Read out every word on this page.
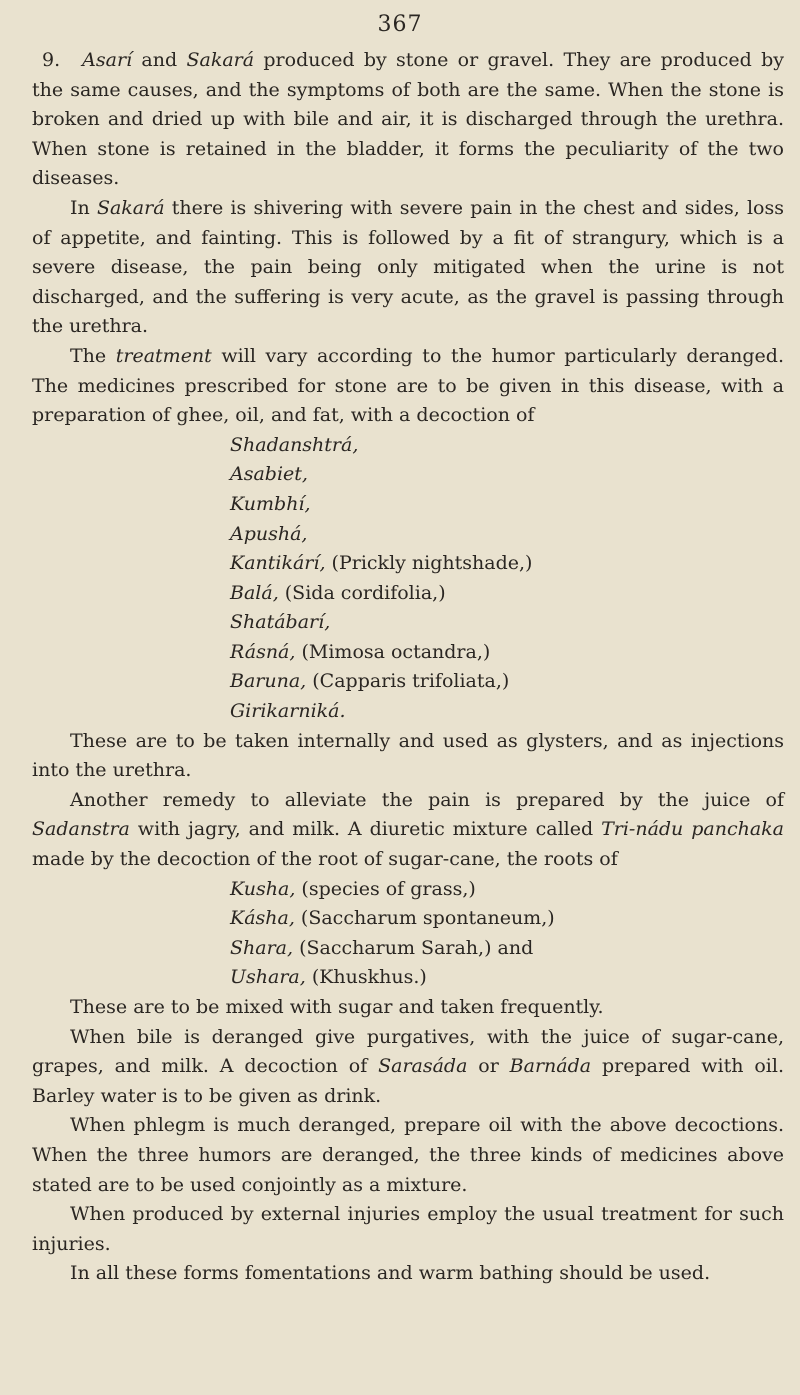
367

9. Asarí and Sakará produced by stone or gravel. They are produced by the same causes, and the symptoms of both are the same. When the stone is broken and dried up with bile and air, it is discharged through the urethra. When stone is retained in the bladder, it forms the peculiarity of the two diseases.

In Sakará there is shivering with severe pain in the chest and sides, loss of appetite, and fainting. This is followed by a fit of strangury, which is a severe disease, the pain being only mitigated when the urine is not discharged, and the suffering is very acute, as the gravel is passing through the urethra.

The treatment will vary according to the humor particularly deranged. The medicines prescribed for stone are to be given in this disease, with a preparation of ghee, oil, and fat, with a decoction of

Shadanshtrá,
Asabiet,
Kumbhí,
Apushá,
Kantikárí, (Prickly nightshade,)
Balá, (Sida cordifolia,)
Shatábarí,
Rásná, (Mimosa octandra,)
Baruna, (Capparis trifoliata,)
Girikarniká.

These are to be taken internally and used as glysters, and as injections into the urethra.

Another remedy to alleviate the pain is prepared by the juice of Sadanstra with jagry, and milk. A diuretic mixture called Tri-nádu panchaka made by the decoction of the root of sugar-cane, the roots of

Kusha, (species of grass,)
Kásha, (Saccharum spontaneum,)
Shara, (Saccharum Sarah,) and
Ushara, (Khuskhus.)

These are to be mixed with sugar and taken frequently.

When bile is deranged give purgatives, with the juice of sugar-cane, grapes, and milk. A decoction of Sarasáda or Barnáda prepared with oil. Barley water is to be given as drink.

When phlegm is much deranged, prepare oil with the above decoctions. When the three humors are deranged, the three kinds of medicines above stated are to be used conjointly as a mixture.

When produced by external injuries employ the usual treatment for such injuries.

In all these forms fomentations and warm bathing should be used.
